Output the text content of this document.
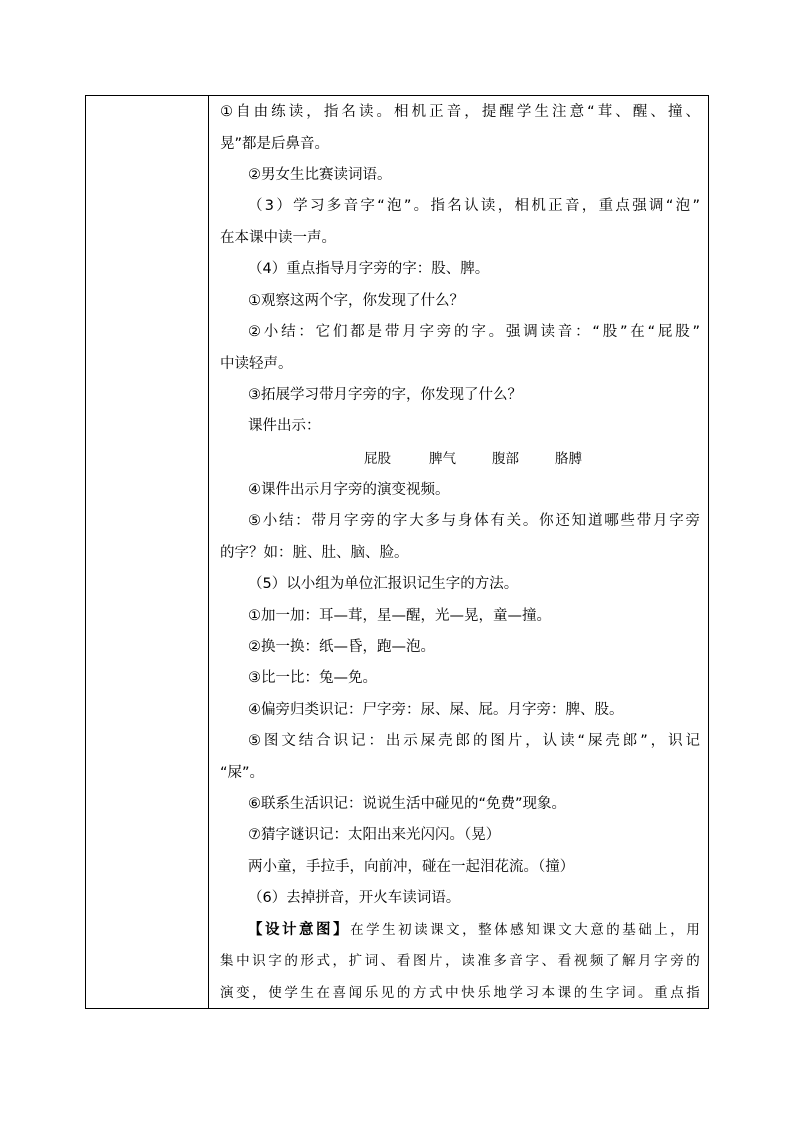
①自由练读，指名读。相机正音，提醒学生注意“茸、醒、撞、
晃”都是后鼻音。
②男女生比赛读词语。
（3）学习多音字“泡”。指名认读，相机正音，重点强调“泡”
在本课中读一声。
（4）重点指导月字旁的字：股、脾。
①观察这两个字，你发现了什么？
②小结：它们都是带月字旁的字。强调读音：“股”在“屁股”
中读轻声。
③拓展学习带月字旁的字，你发现了什么？
课件出示：
屁股	脾气	腹部	胳膊
④课件出示月字旁的演变视频。
⑤小结：带月字旁的字大多与身体有关。你还知道哪些带月字旁
的字？如：脏、肚、脑、脸。
（5）以小组为单位汇报识记生字的方法。
①加一加：耳—茸，星—醒，光—晃，童—撞。
②换一换：纸—昏，跑—泡。
③比一比：兔—免。
④偏旁归类识记：尸字旁：尿、屎、屁。月字旁：脾、股。
⑤图文结合识记：出示屎壳郎的图片，认读“屎壳郎”，识记
“屎”。
⑥联系生活识记：说说生活中碰见的“免费”现象。
⑦猜字谜识记：太阳出来光闪闪。（晃）
两小童，手拉手，向前冲，碰在一起泪花流。（撞）
（6）去掉拼音，开火车读词语。
【设计意图】在学生初读课文，整体感知课文大意的基础上，用
集中识字的形式，扩词、看图片，读准多音字、看视频了解月字旁的
演变，使学生在喜闻乐见的方式中快乐地学习本课的生字词。重点指
